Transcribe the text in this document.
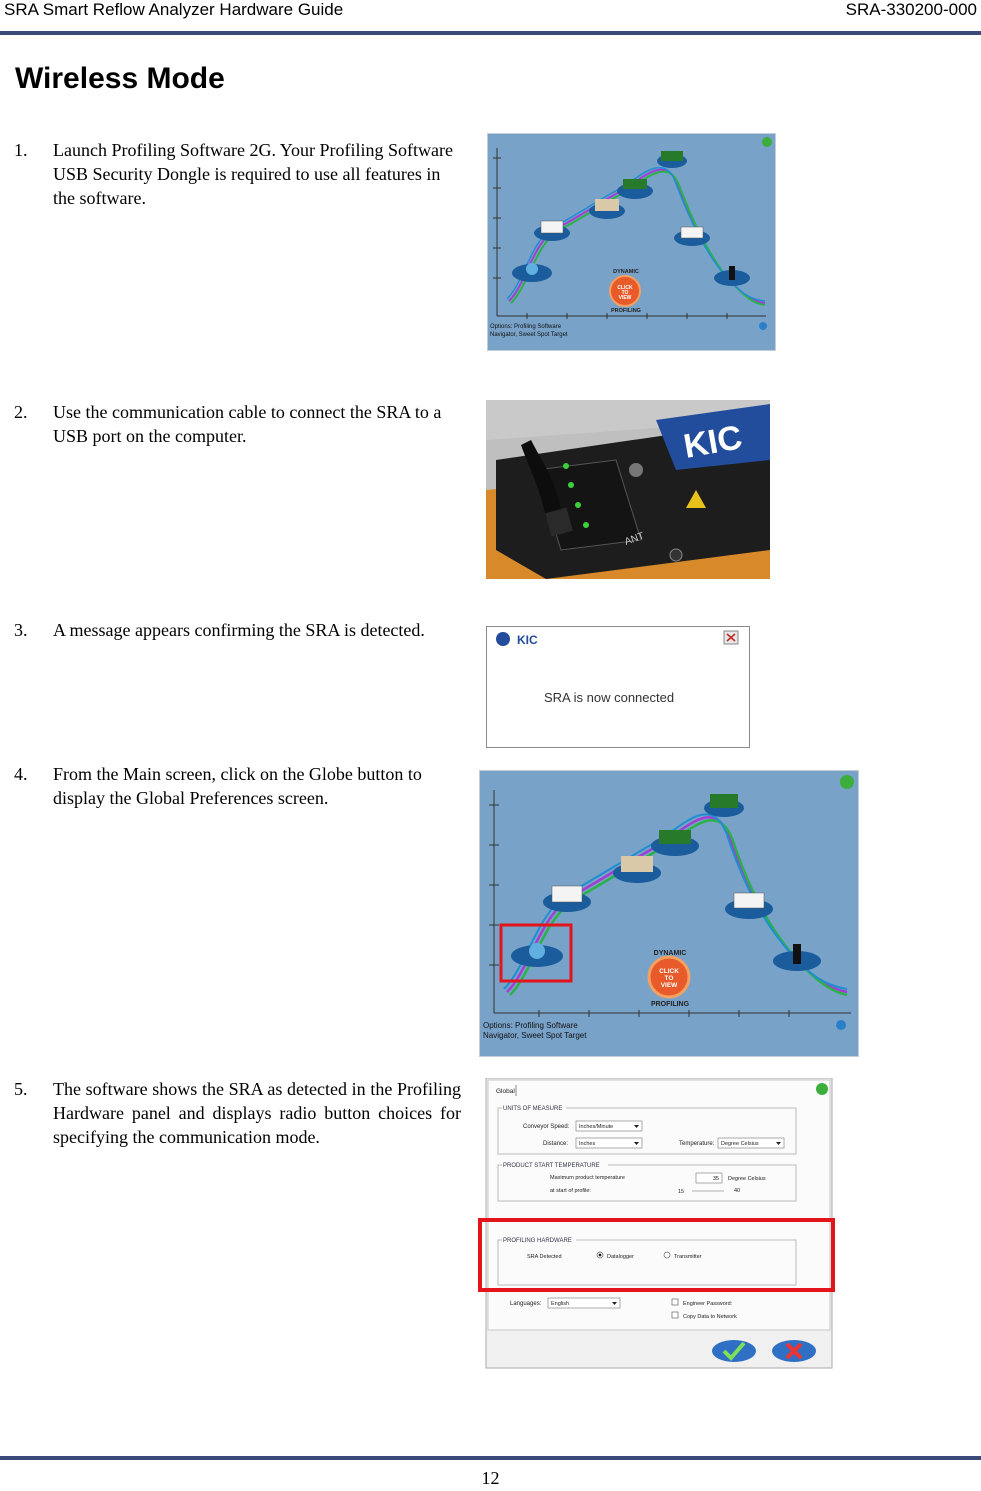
SRA Smart Reflow Analyzer Hardware Guide	SRA-330200-000
Wireless Mode
1. Launch Profiling Software 2G. Your Profiling Software USB Security Dongle is required to use all features in the software.
CLICK
TO
VIEW
DYNAMIC
PROFILING
Options: Profiling Software
Navigator, Sweet Spot Target
2. Use the communication cable to connect the SRA to a USB port on the computer.	KIC
ANT
3. A message appears confirming the SRA is detected.	KIC
SRA is now connected
4. From the Main screen, click on the Globe button to display the Global Preferences screen.
CLICK
TO
VIEW
DYNAMIC
PROFILING
Options: Profiling Software
Navigator, Sweet Spot Target
5. The software shows the SRA as detected in the Profiling Hardware panel and displays radio button choices for specifying the communication mode.
Global
UNITS OF MEASURE
Conveyor Speed: Inches/Minute
Distance: Inches	Temperature: Degree Celsius
PRODUCT START TEMPERATURE
Maximum product temperature
at start of profile:
35 Degree Celsius
15	40
PROFILING HARDWARE
SRA Detected	Datalogger	Transmitter
Languages: English	Engineer Password:
Copy Data to Network
12
